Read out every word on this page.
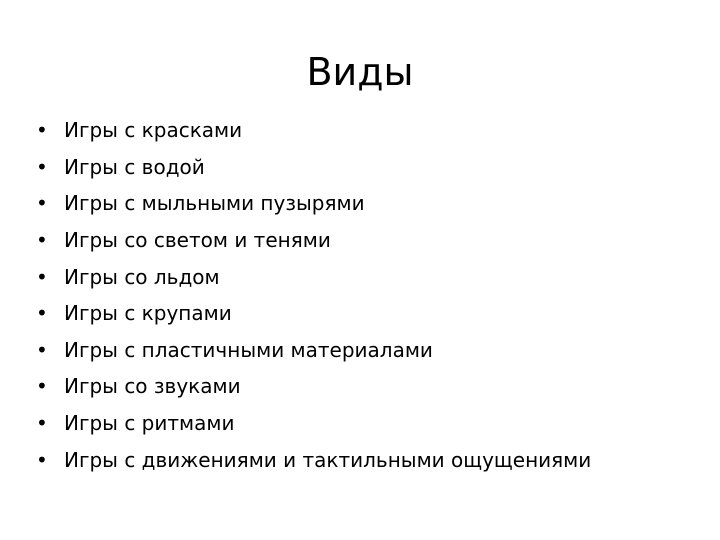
Виды
• Игры с красками
• Игры с водой
• Игры с мыльными пузырями
• Игры со светом и тенями
• Игры со льдом
• Игры с крупами
• Игры с пластичными материалами
• Игры со звуками
• Игры с ритмами
• Игры с движениями и тактильными ощущениями
